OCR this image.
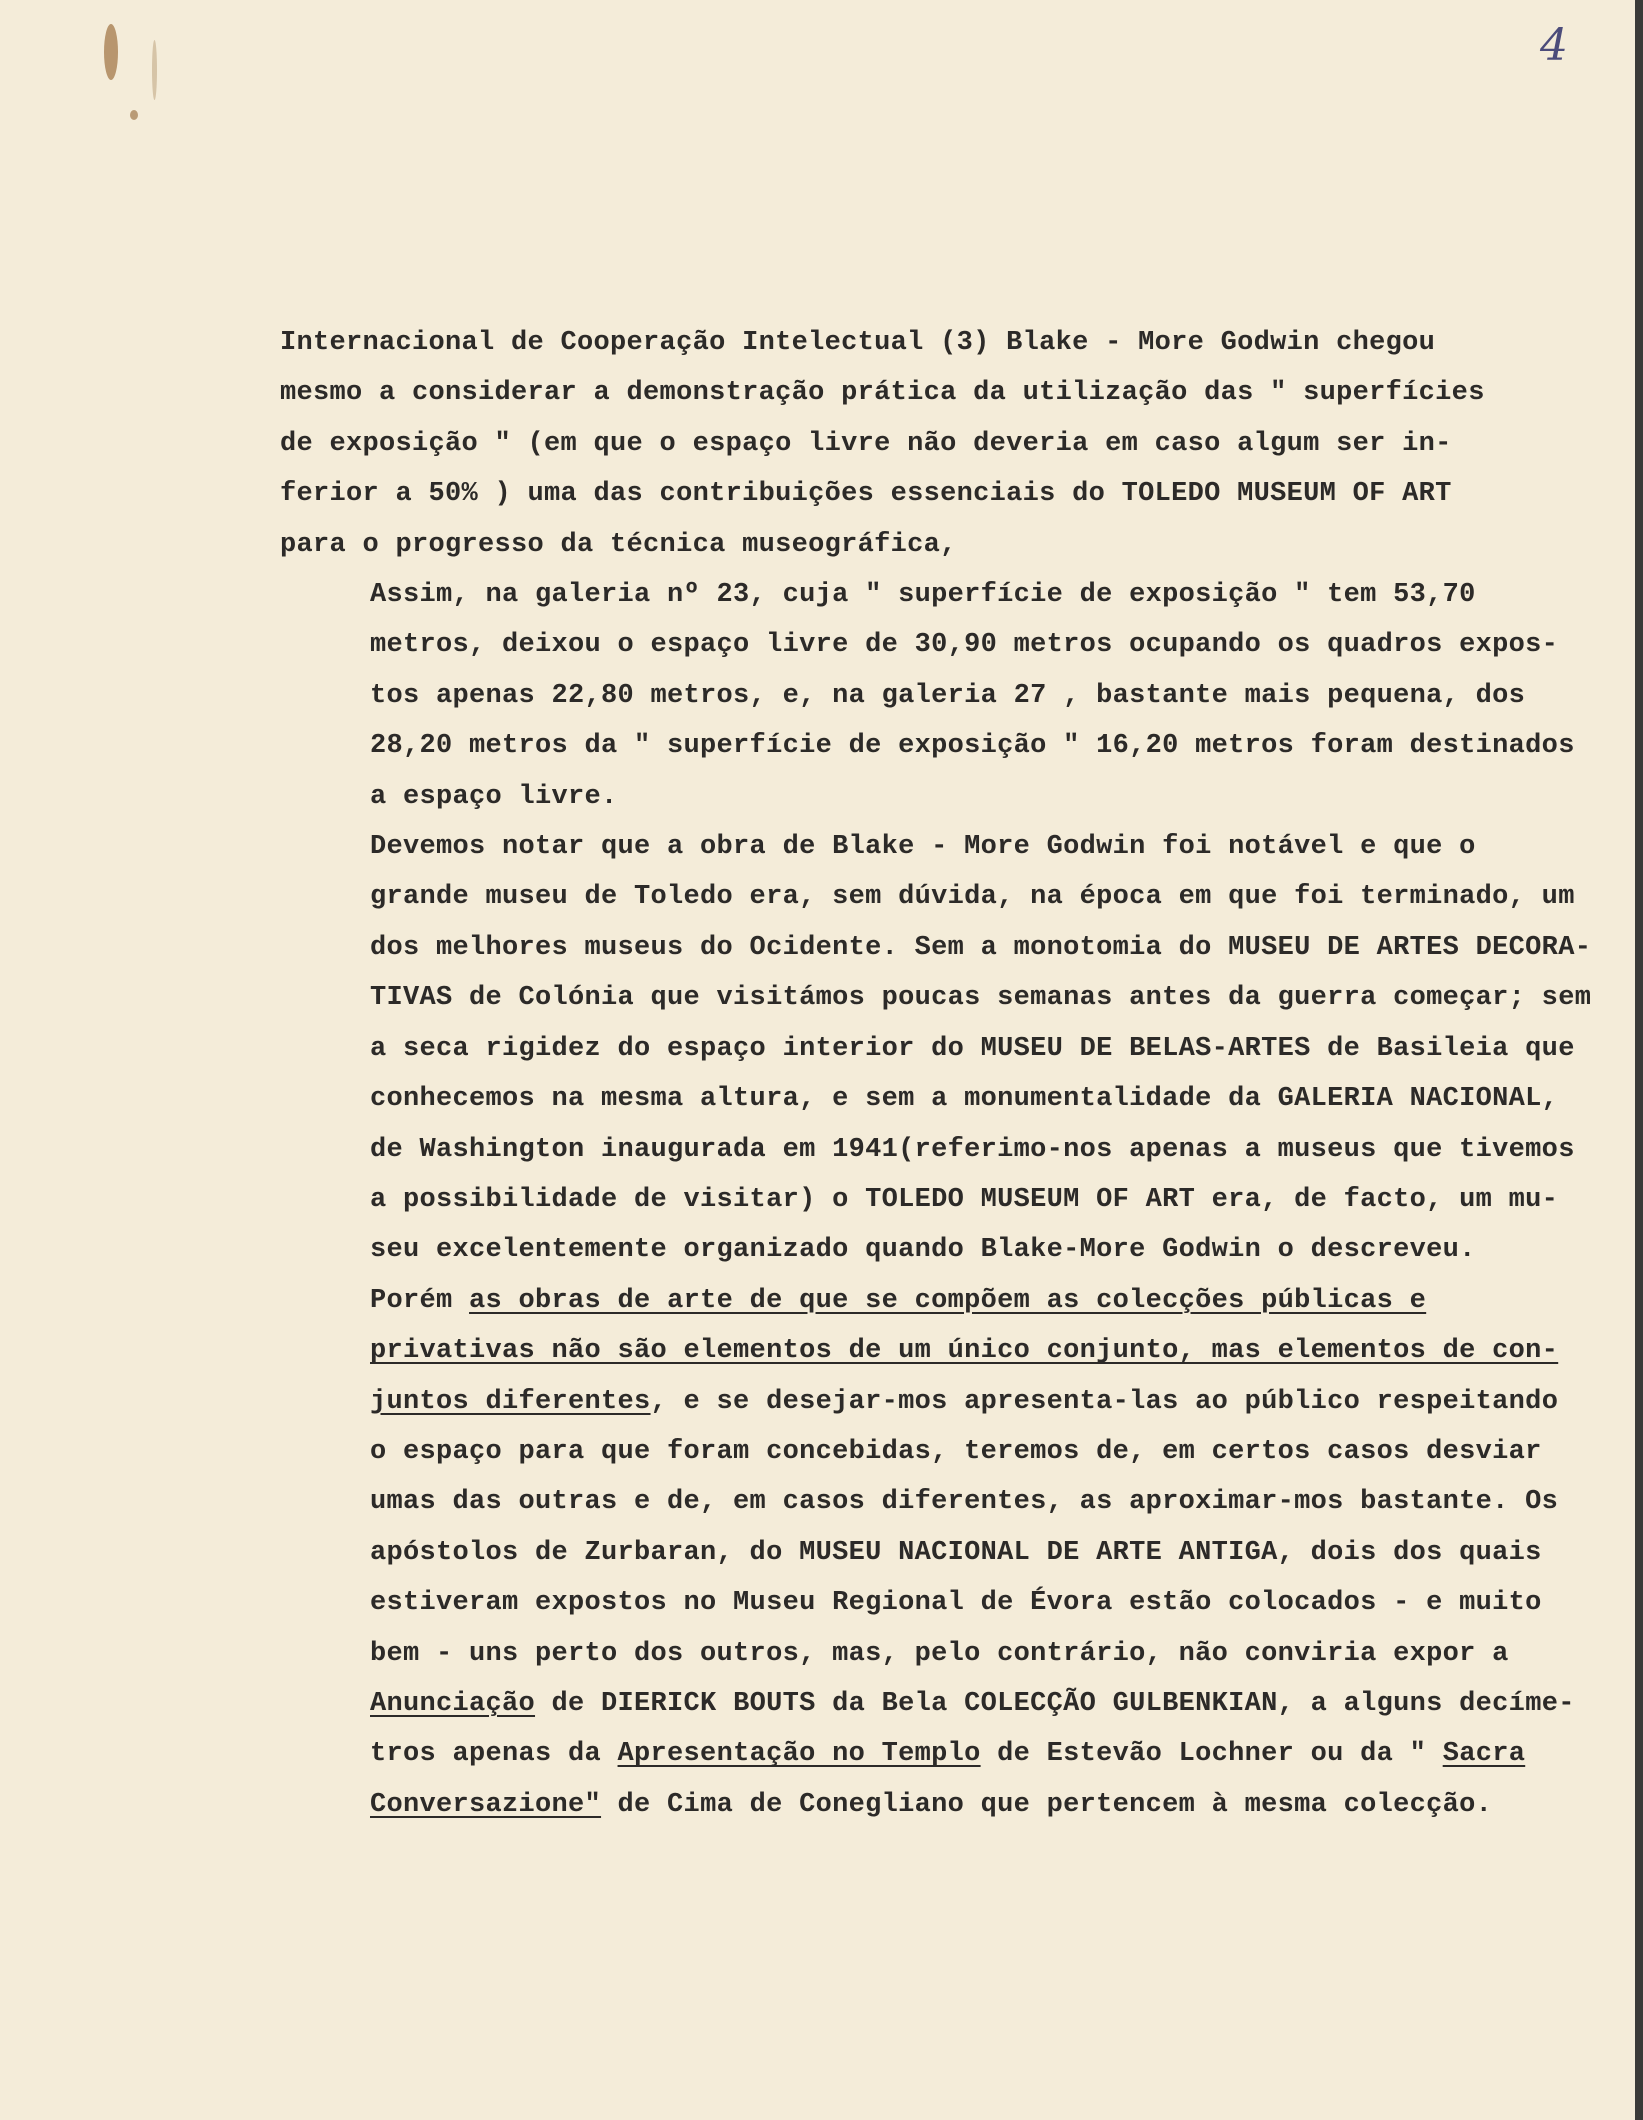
4

Internacional de Cooperação Intelectual (3) Blake - More Godwin chegou
mesmo a considerar a demonstração prática da utilização das " superfícies
de exposição " (em que o espaço livre não deveria em caso algum ser in-
ferior a 50% ) uma das contribuições essenciais do TOLEDO MUSEUM OF ART
para o progresso da técnica museográfica,

Assim, na galeria nº 23, cuja " superfície de exposição " tem 53,70
metros, deixou o espaço livre de 30,90 metros ocupando os quadros expos-
tos apenas 22,80 metros, e, na galeria 27 , bastante mais pequena, dos
28,20 metros da " superfície de exposição " 16,20 metros foram destinados
a espaço livre.

Devemos notar que a obra de Blake - More Godwin foi notável e que o
grande museu de Toledo era, sem dúvida, na época em que foi terminado, um
dos melhores museus do Ocidente. Sem a monotomia do MUSEU DE ARTES DECORA-
TIVAS de Colónia que visitámos poucas semanas antes da guerra começar; sem
a seca rigidez do espaço interior do MUSEU DE BELAS-ARTES de Basileia que
conhecemos na mesma altura, e sem a monumentalidade da GALERIA NACIONAL,
de Washington inaugurada em 1941(referimo-nos apenas a museus que tivemos
a possibilidade de visitar) o TOLEDO MUSEUM OF ART era, de facto, um mu-
seu excelentemente organizado quando Blake-More Godwin o descreveu.

Porém as obras de arte de que se compõem as colecções públicas e
privativas não são elementos de um único conjunto, mas elementos de con-
juntos diferentes, e se desejar-mos apresenta-las ao público respeitando
o espaço para que foram concebidas, teremos de, em certos casos desviar
umas das outras e de, em casos diferentes, as aproximar-mos bastante. Os
apóstolos de Zurbaran, do MUSEU NACIONAL DE ARTE ANTIGA, dois dos quais
estiveram expostos no Museu Regional de Évora estão colocados - e muito
bem - uns perto dos outros, mas, pelo contrário, não conviria expor a
Anunciação de DIERICK BOUTS da Bela COLECÇÃO GULBENKIAN, a alguns decíme-
tros apenas da Apresentação no Templo de Estevão Lochner ou da " Sacra
Conversazione" de Cima de Conegliano que pertencem à mesma colecção.
